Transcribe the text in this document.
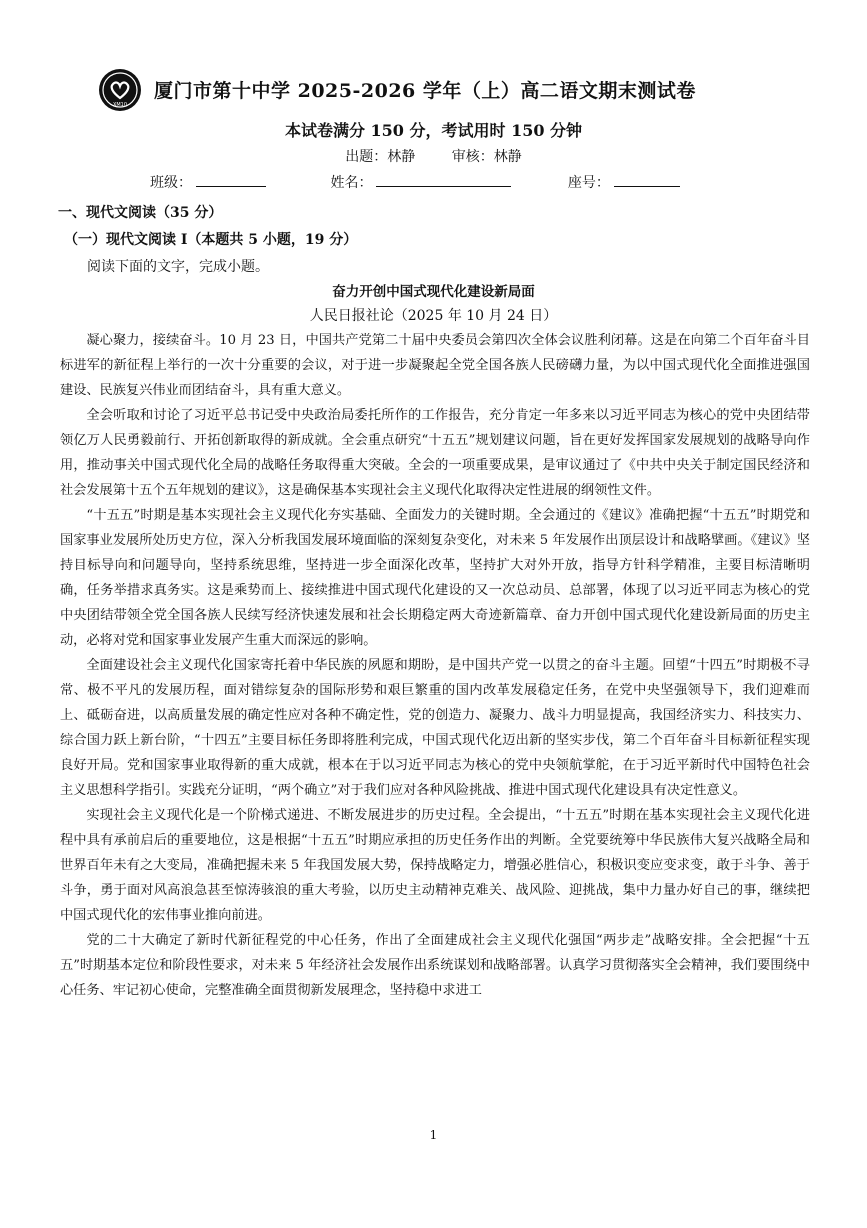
XM10
厦门市第十中学 2025-2026 学年（上）高二语文期末测试卷
本试卷满分 150 分，考试用时 150 分钟
出题：林静	审核：林静
班级：	姓名：	座号：
一、现代文阅读（35 分）
（一）现代文阅读 I（本题共 5 小题，19 分）
阅读下面的文字，完成小题。
奋力开创中国式现代化建设新局面
人民日报社论（2025 年 10 月 24 日）

凝心聚力，接续奋斗。10 月 23 日，中国共产党第二十届中央委员会第四次全体会议胜利闭幕。这是在向第二个百年奋斗目标进军的新征程上举行的一次十分重要的会议，对于进一步凝聚起全党全国各族人民磅礴力量，为以中国式现代化全面推进强国建设、民族复兴伟业而团结奋斗，具有重大意义。

全会听取和讨论了习近平总书记受中央政治局委托所作的工作报告，充分肯定一年多来以习近平同志为核心的党中央团结带领亿万人民勇毅前行、开拓创新取得的新成就。全会重点研究“十五五”规划建议问题，旨在更好发挥国家发展规划的战略导向作用，推动事关中国式现代化全局的战略任务取得重大突破。全会的一项重要成果，是审议通过了《中共中央关于制定国民经济和社会发展第十五个五年规划的建议》，这是确保基本实现社会主义现代化取得决定性进展的纲领性文件。

“十五五”时期是基本实现社会主义现代化夯实基础、全面发力的关键时期。全会通过的《建议》准确把握“十五五”时期党和国家事业发展所处历史方位，深入分析我国发展环境面临的深刻复杂变化，对未来 5 年发展作出顶层设计和战略擘画。《建议》坚持目标导向和问题导向，坚持系统思维，坚持进一步全面深化改革，坚持扩大对外开放，指导方针科学精准，主要目标清晰明确，任务举措求真务实。这是乘势而上、接续推进中国式现代化建设的又一次总动员、总部署，体现了以习近平同志为核心的党中央团结带领全党全国各族人民续写经济快速发展和社会长期稳定两大奇迹新篇章、奋力开创中国式现代化建设新局面的历史主动，必将对党和国家事业发展产生重大而深远的影响。

全面建设社会主义现代化国家寄托着中华民族的夙愿和期盼，是中国共产党一以贯之的奋斗主题。回望“十四五”时期极不寻常、极不平凡的发展历程，面对错综复杂的国际形势和艰巨繁重的国内改革发展稳定任务，在党中央坚强领导下，我们迎难而上、砥砺奋进，以高质量发展的确定性应对各种不确定性，党的创造力、凝聚力、战斗力明显提高，我国经济实力、科技实力、综合国力跃上新台阶，“十四五”主要目标任务即将胜利完成，中国式现代化迈出新的坚实步伐，第二个百年奋斗目标新征程实现良好开局。党和国家事业取得新的重大成就，根本在于以习近平同志为核心的党中央领航掌舵，在于习近平新时代中国特色社会主义思想科学指引。实践充分证明，“两个确立”对于我们应对各种风险挑战、推进中国式现代化建设具有决定性意义。

实现社会主义现代化是一个阶梯式递进、不断发展进步的历史过程。全会提出，“十五五”时期在基本实现社会主义现代化进程中具有承前启后的重要地位，这是根据“十五五”时期应承担的历史任务作出的判断。全党要统筹中华民族伟大复兴战略全局和世界百年未有之大变局，准确把握未来 5 年我国发展大势，保持战略定力，增强必胜信心，积极识变应变求变，敢于斗争、善于斗争，勇于面对风高浪急甚至惊涛骇浪的重大考验，以历史主动精神克难关、战风险、迎挑战，集中力量办好自己的事，继续把中国式现代化的宏伟事业推向前进。

党的二十大确定了新时代新征程党的中心任务，作出了全面建成社会主义现代化强国“两步走”战略安排。全会把握“十五五”时期基本定位和阶段性要求，对未来 5 年经济社会发展作出系统谋划和战略部署。认真学习贯彻落实全会精神，我们要围绕中心任务、牢记初心使命，完整准确全面贯彻新发展理念，坚持稳中求进工

1
